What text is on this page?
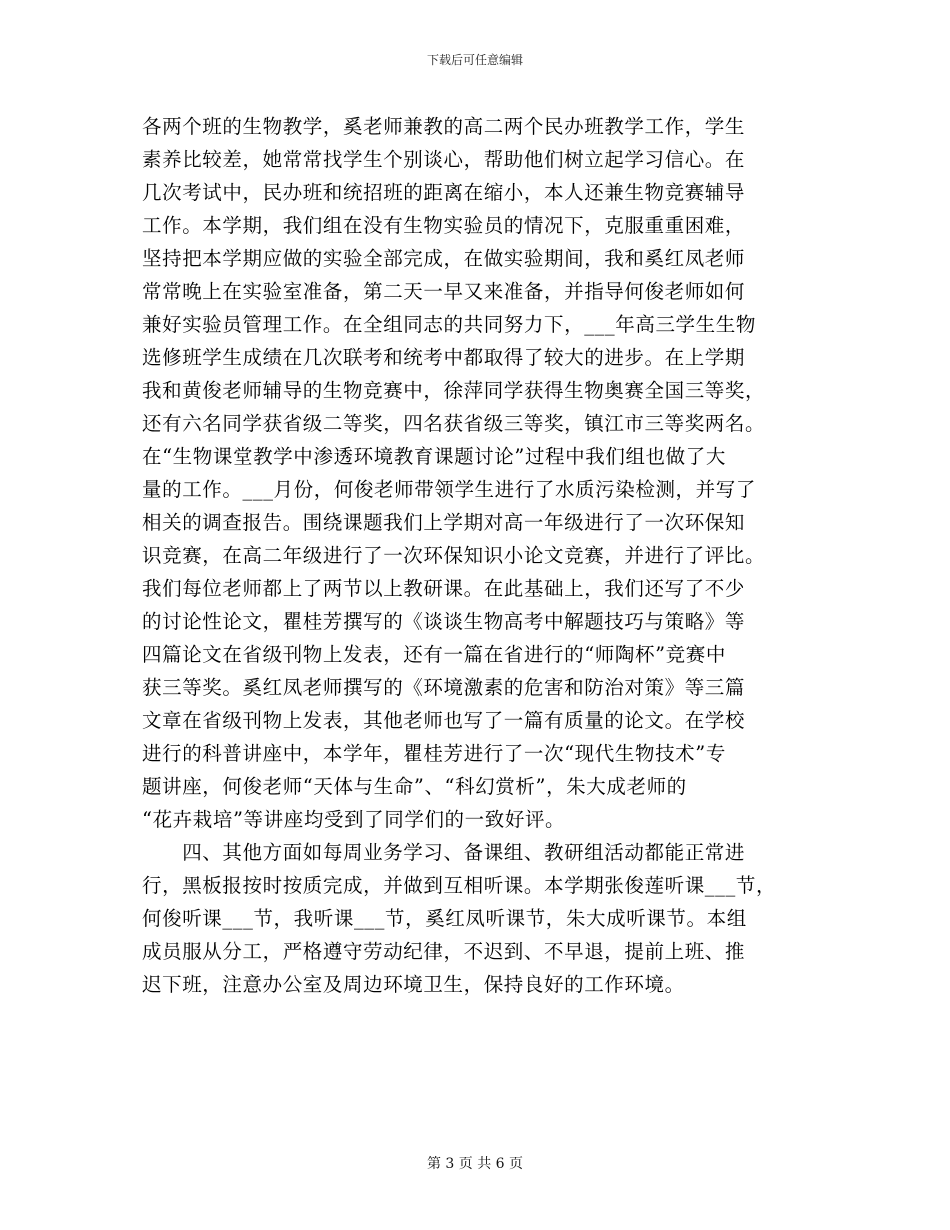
下载后可任意编辑
各两个班的生物教学，奚老师兼教的高二两个民办班教学工作，学生
素养比较差，她常常找学生个别谈心，帮助他们树立起学习信心。在
几次考试中，民办班和统招班的距离在缩小，本人还兼生物竞赛辅导
工作。本学期，我们组在没有生物实验员的情况下，克服重重困难，
坚持把本学期应做的实验全部完成，在做实验期间，我和奚红凤老师
常常晚上在实验室准备，第二天一早又来准备，并指导何俊老师如何
兼好实验员管理工作。在全组同志的共同努力下，___年高三学生生物
选修班学生成绩在几次联考和统考中都取得了较大的进步。在上学期
我和黄俊老师辅导的生物竞赛中，徐萍同学获得生物奥赛全国三等奖，
还有六名同学获省级二等奖，四名获省级三等奖，镇江市三等奖两名。
在“生物课堂教学中渗透环境教育课题讨论”过程中我们组也做了大
量的工作。___月份，何俊老师带领学生进行了水质污染检测，并写了
相关的调查报告。围绕课题我们上学期对高一年级进行了一次环保知
识竞赛，在高二年级进行了一次环保知识小论文竞赛，并进行了评比。
我们每位老师都上了两节以上教研课。在此基础上，我们还写了不少
的讨论性论文，瞿桂芳撰写的《谈谈生物高考中解题技巧与策略》等
四篇论文在省级刊物上发表，还有一篇在省进行的“师陶杯”竞赛中
获三等奖。奚红凤老师撰写的《环境激素的危害和防治对策》等三篇
文章在省级刊物上发表，其他老师也写了一篇有质量的论文。在学校
进行的科普讲座中，本学年，瞿桂芳进行了一次“现代生物技术”专
题讲座，何俊老师“天体与生命”、“科幻赏析”，朱大成老师的
“花卉栽培”等讲座均受到了同学们的一致好评。
　　四、其他方面如每周业务学习、备课组、教研组活动都能正常进
行，黑板报按时按质完成，并做到互相听课。本学期张俊莲听课___节，
何俊听课___节，我听课___节，奚红凤听课节，朱大成听课节。本组
成员服从分工，严格遵守劳动纪律，不迟到、不早退，提前上班、推
迟下班，注意办公室及周边环境卫生，保持良好的工作环境。
第 3 页 共 6 页
